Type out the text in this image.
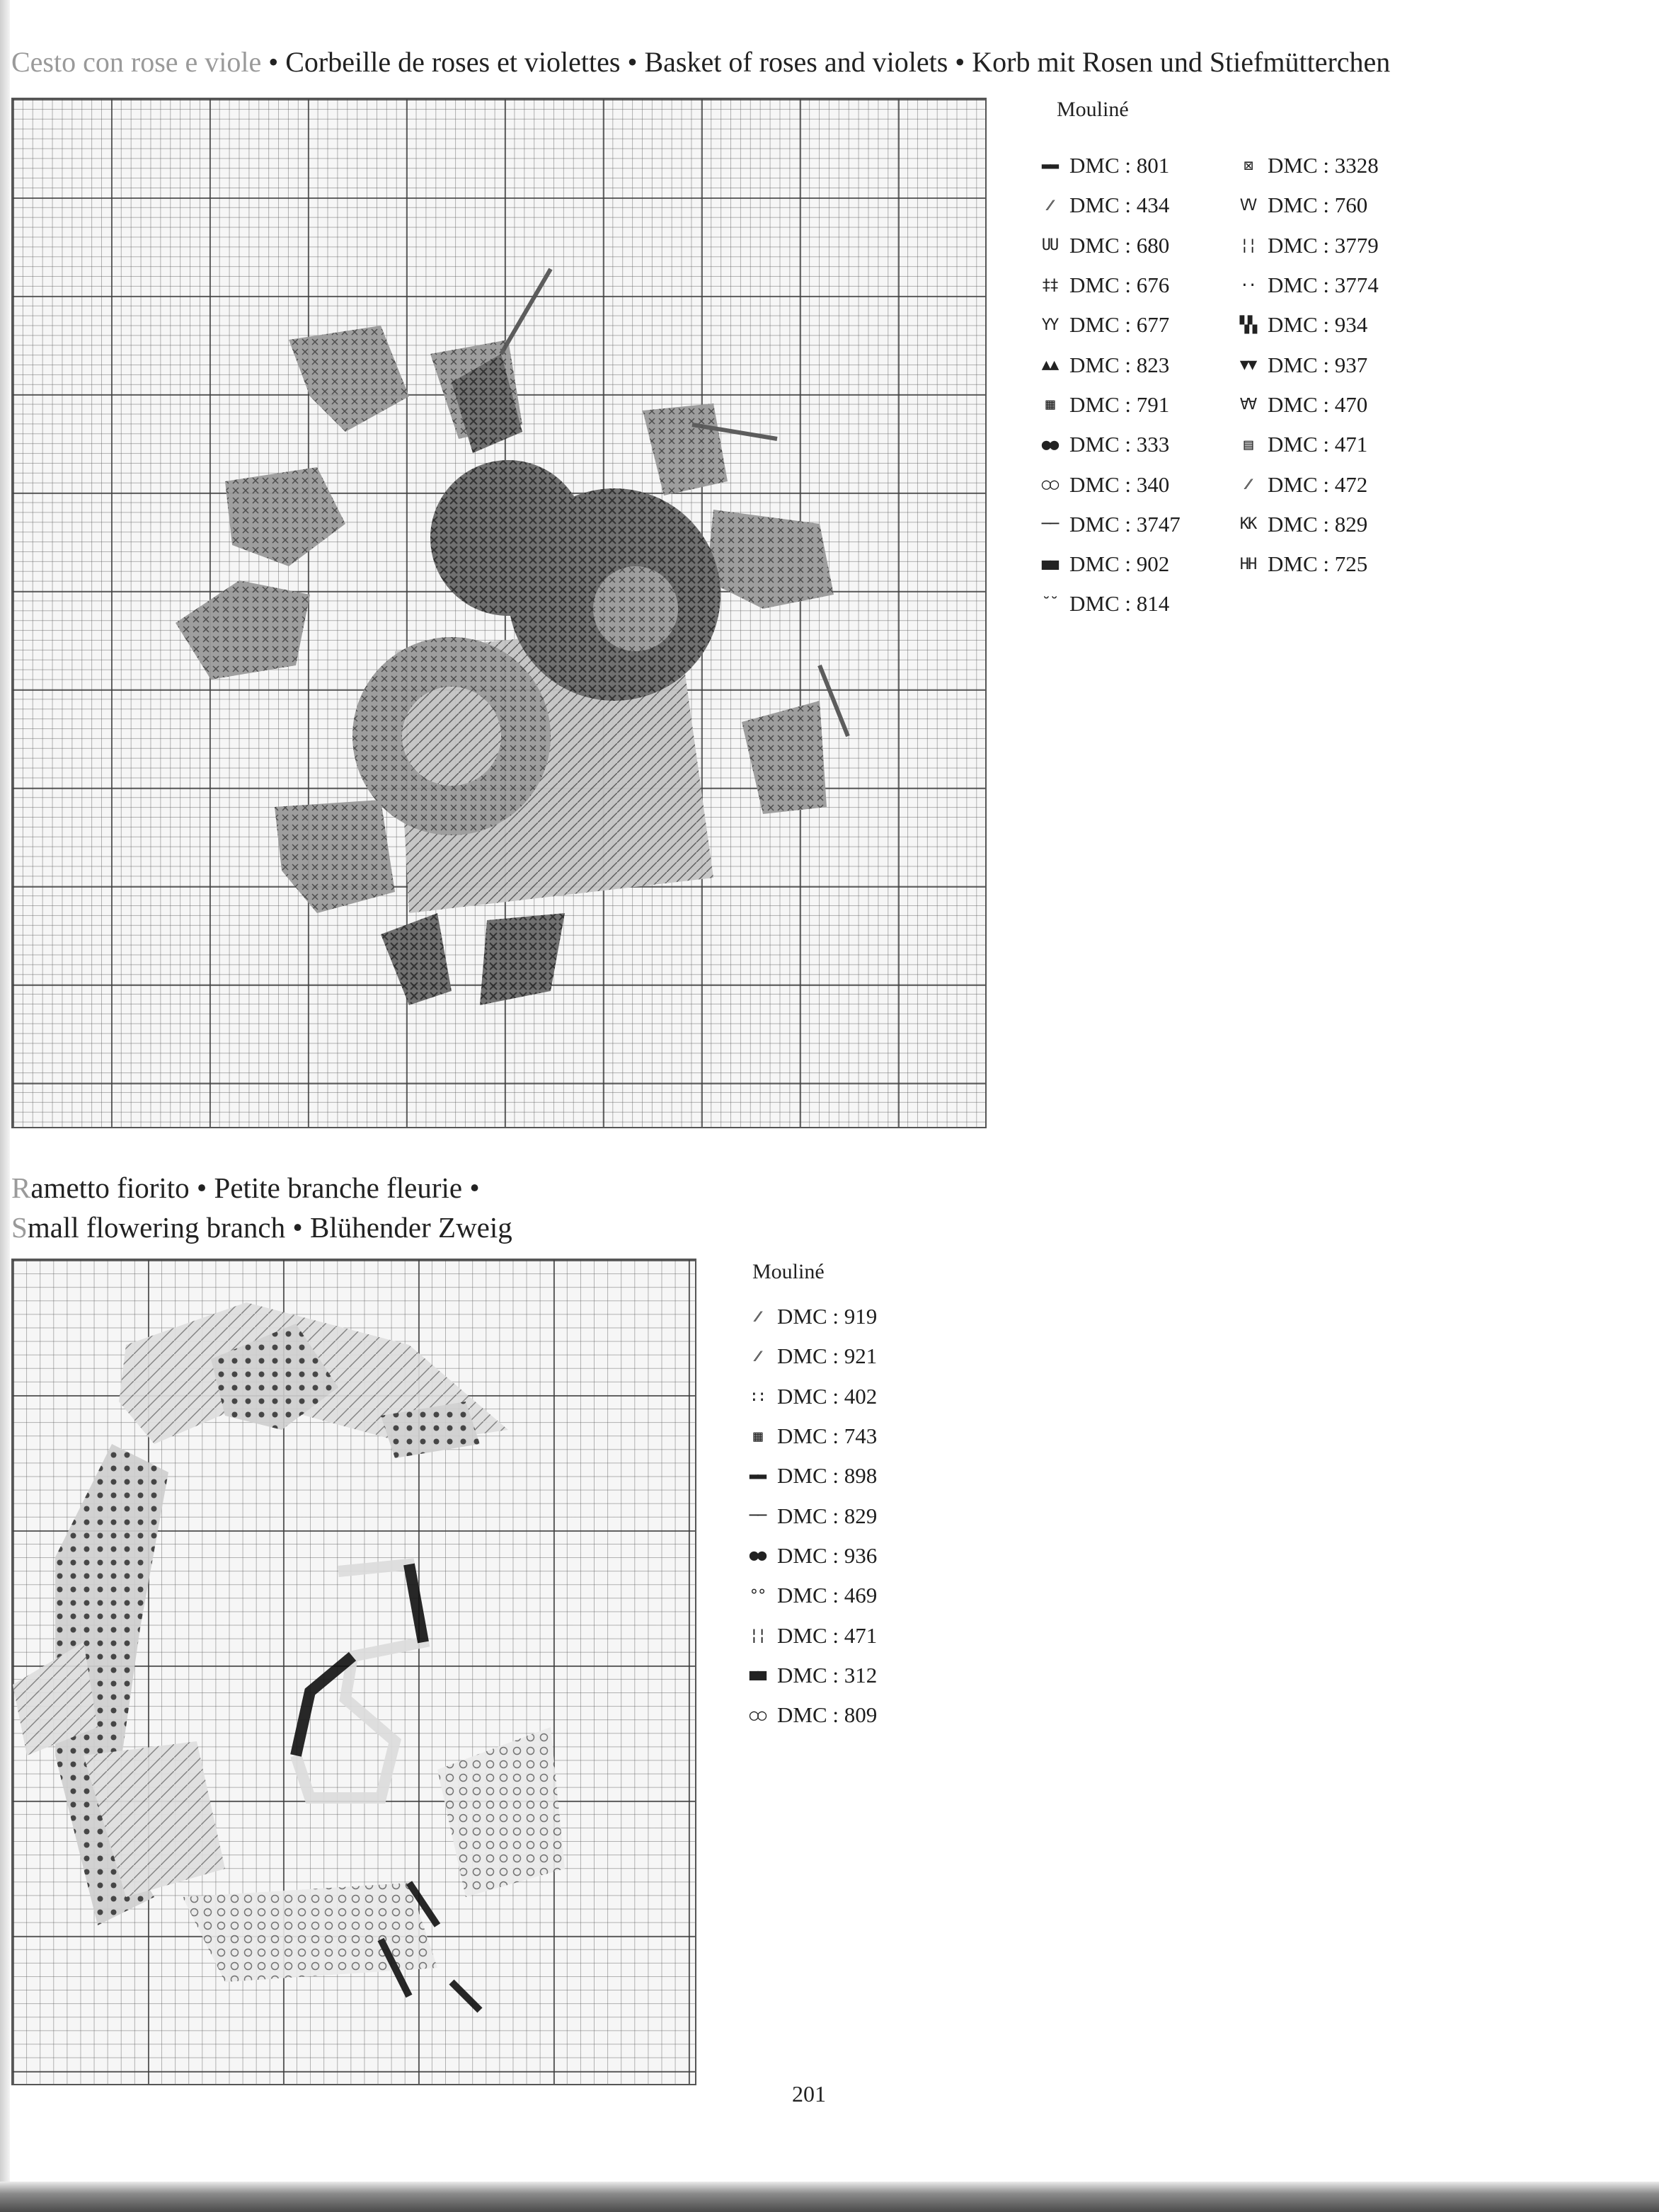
Cesto con rose e viole • Corbeille de roses et violettes • Basket of roses and violets • Korb mit Rosen und Stiefmütterchen
Mouliné
▬▬ DMC : 801
⁄⁄ DMC : 434
UU DMC : 680
‡‡ DMC : 676
YY DMC : 677
▲▲ DMC : 823
▦ DMC : 791
●● DMC : 333
○○ DMC : 340
── DMC : 3747
■■ DMC : 902
˘˘ DMC : 814
⊠ DMC : 3328
VV DMC : 760
¦¦ DMC : 3779
·· DMC : 3774
▚▚ DMC : 934
▼▼ DMC : 937
∀∀ DMC : 470
▤ DMC : 471
⁄⁄ DMC : 472
KK DMC : 829
HH DMC : 725
Rametto fiorito • Petite branche fleurie •
Small flowering branch • Blühender Zweig
Mouliné
⁄⁄ DMC : 919
⁄⁄ DMC : 921
:: DMC : 402
▦ DMC : 743
▬▬ DMC : 898
── DMC : 829
●● DMC : 936
°° DMC : 469
¦¦ DMC : 471
■■ DMC : 312
○○ DMC : 809
201
